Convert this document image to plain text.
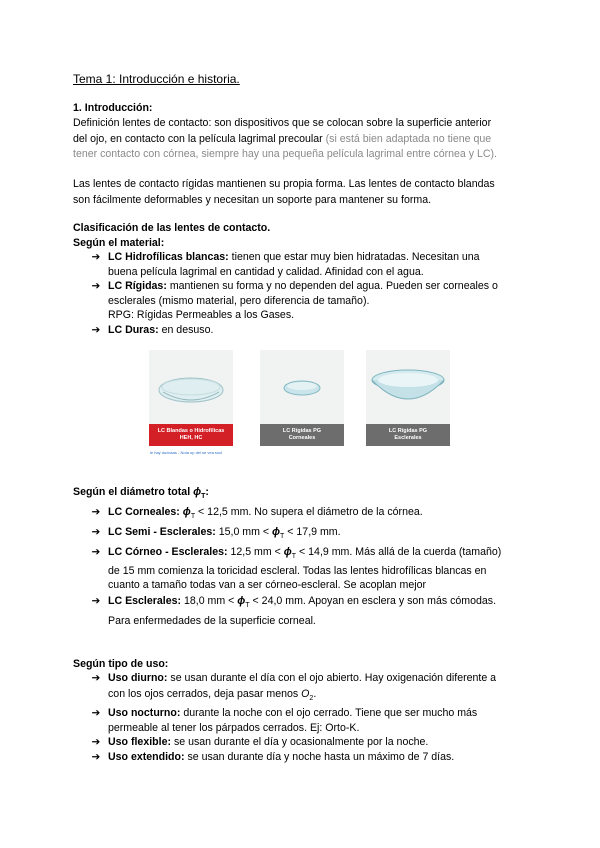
Tema 1: Introducción e historia.
1. Introducción:
Definición lentes de contacto: son dispositivos que se colocan sobre la superficie anterior
del ojo, en contacto con la película lagrimal precoular (si está bien adaptada no tiene que
tener contacto con córnea, siempre hay una pequeña película lagrimal entre córnea y LC).
Las lentes de contacto rígidas mantienen su propia forma. Las lentes de contacto blandas
son fácilmente deformables y necesitan un soporte para mantener su forma.
Clasificación de las lentes de contacto.
Según el material:
➔ LC Hidrofílicas blancas: tienen que estar muy bien hidratadas. Necesitan una
buena película lagrimal en cantidad y calidad. Afinidad con el agua.
➔ LC Rígidas: mantienen su forma y no dependen del agua. Pueden ser corneales o
esclerales (mismo material, pero diferencia de tamaño).
RPG: Rígidas Permeables a los Gases.
➔ LC Duras: en desuso.
LC Blandas o Hidrofílicas
HEH, HC
le hay dudosas - Nota op del se vea soul
LC Rígidas PG
Corneales
LC Rígidas PG
Esclerales
Según el diámetro total $\phi_T$:
➔ LC Corneales: $\phi_T < 12,5$ mm. No supera el diámetro de la córnea.
➔ LC Semi - Esclerales: 15,0 mm < $\phi_T < 17,9$ mm.
➔ LC Córneo - Esclerales: 12,5 mm < $\phi_T < 14,9$ mm. Más allá de la cuerda (tamaño)
de 15 mm comienza la toricidad escleral. Todas las lentes hidrofílicas blancas en
cuanto a tamaño todas van a ser córneo-escleral. Se acoplan mejor
➔ LC Esclerales: 18,0 mm < $\phi_T < 24,0$ mm. Apoyan en esclera y son más cómodas.
Para enfermedades de la superficie corneal.
Según tipo de uso:
➔ Uso diurno: se usan durante el día con el ojo abierto. Hay oxigenación diferente a
con los ojos cerrados, deja pasar menos $O_2$.
➔ Uso nocturno: durante la noche con el ojo cerrado. Tiene que ser mucho más
permeable al tener los párpados cerrados. Ej: Orto-K.
➔ Uso flexible: se usan durante el día y ocasionalmente por la noche.
➔ Uso extendido: se usan durante día y noche hasta un máximo de 7 días.
